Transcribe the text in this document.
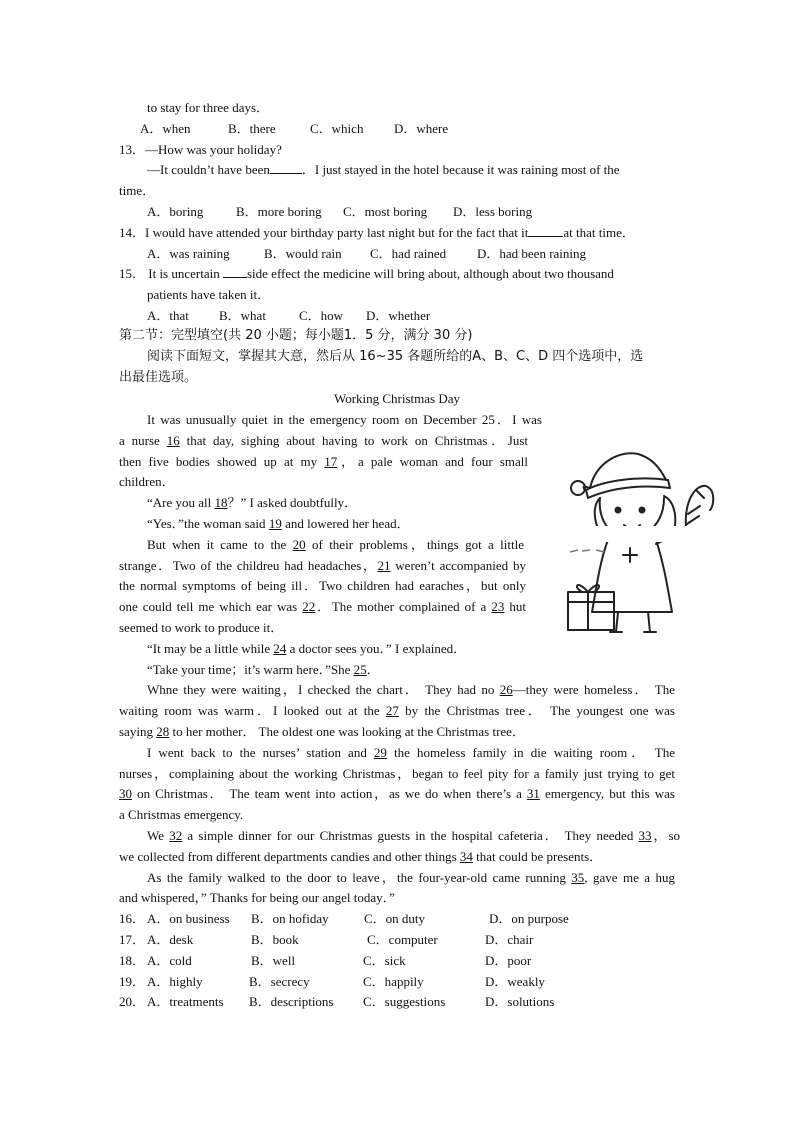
to stay for three days．
A．when	B．there	C．which D．where
13．—How was your holiday?
—It couldn’t have been ．I just stayed in the hotel because it was raining most of the
time．
A．boring	B．more boring C．most boring D．less boring
14．I would have attended your birthday party last night but for the fact that it	at that time．
A．was raining	B．would rain C．had rained D．had been raining
15． It is uncertain side effect the medicine will bring about, although about two thousand
patients have taken it．
A．that B．what	C．how D．whether
第二节：完型填空(共 20 小题；每小题1．5 分，满分 30 分)
阅读下面短文，掌握其大意，然后从 16~35 各题所给的A、B、C、D 四个选项中，选
出最佳选项。
Working Christmas Day
It was unusually quiet in the emergency room on December 25．I was
a nurse 16 that day, sighing about having to work on Christmas．Just
then five bodies showed up at my 17，a pale woman and four small
children．
“Are you all 18？” I asked doubtfully．
“Yes．”the woman said 19 and lowered her head．
But when it came to the 20 of their problems，things got a little
strange．Two of the childreu had headaches，21 weren’t accompanied by
the normal symptoms of being ill．Two children had earaches，but only
one could tell me which ear was 22．The mother complained of a 23 hut
seemed to work to produce it．
“It may be a little while 24 a doctor sees you．” I explained．
“Take your time；it’s warm here．”She 25．
Whne they were waiting，I checked the chart． They had no 26—they were homeless． The
waiting room was warm．I looked out at the 27 by the Christmas tree． The youngest one was
saying 28 to her mother． The oldest one was looking at the Christmas tree．
I went back to the nurses’ station and 29 the homeless family in die waiting room． The
nurses，complaining about the working Christmas，began to feel pity for a family just trying to get
30 on Christmas． The team went into action，as we do when there’s a 31 emergency, but this was
a Christmas emergency.
We 32 a simple dinner for our Christmas guests in the hospital cafeteria． They needed 33，so
we collected from different departments candies and other things 34 that could be presents．
As the family walked to the door to leave，the four-year-old came running 35, gave me a hug
and whispered，” Thanks for being our angel today．”
16． A．on business B．on hofiday	C．on duty	D．on purpose
17． A．desk	B．book	C．computer	D．chair
18． A．cold	B．well	C．sick	D．poor
19． A．highly	B．secrecy	C．happily	D．weakly
20． A．treatments B．descriptions C．suggestions	D．solutions
